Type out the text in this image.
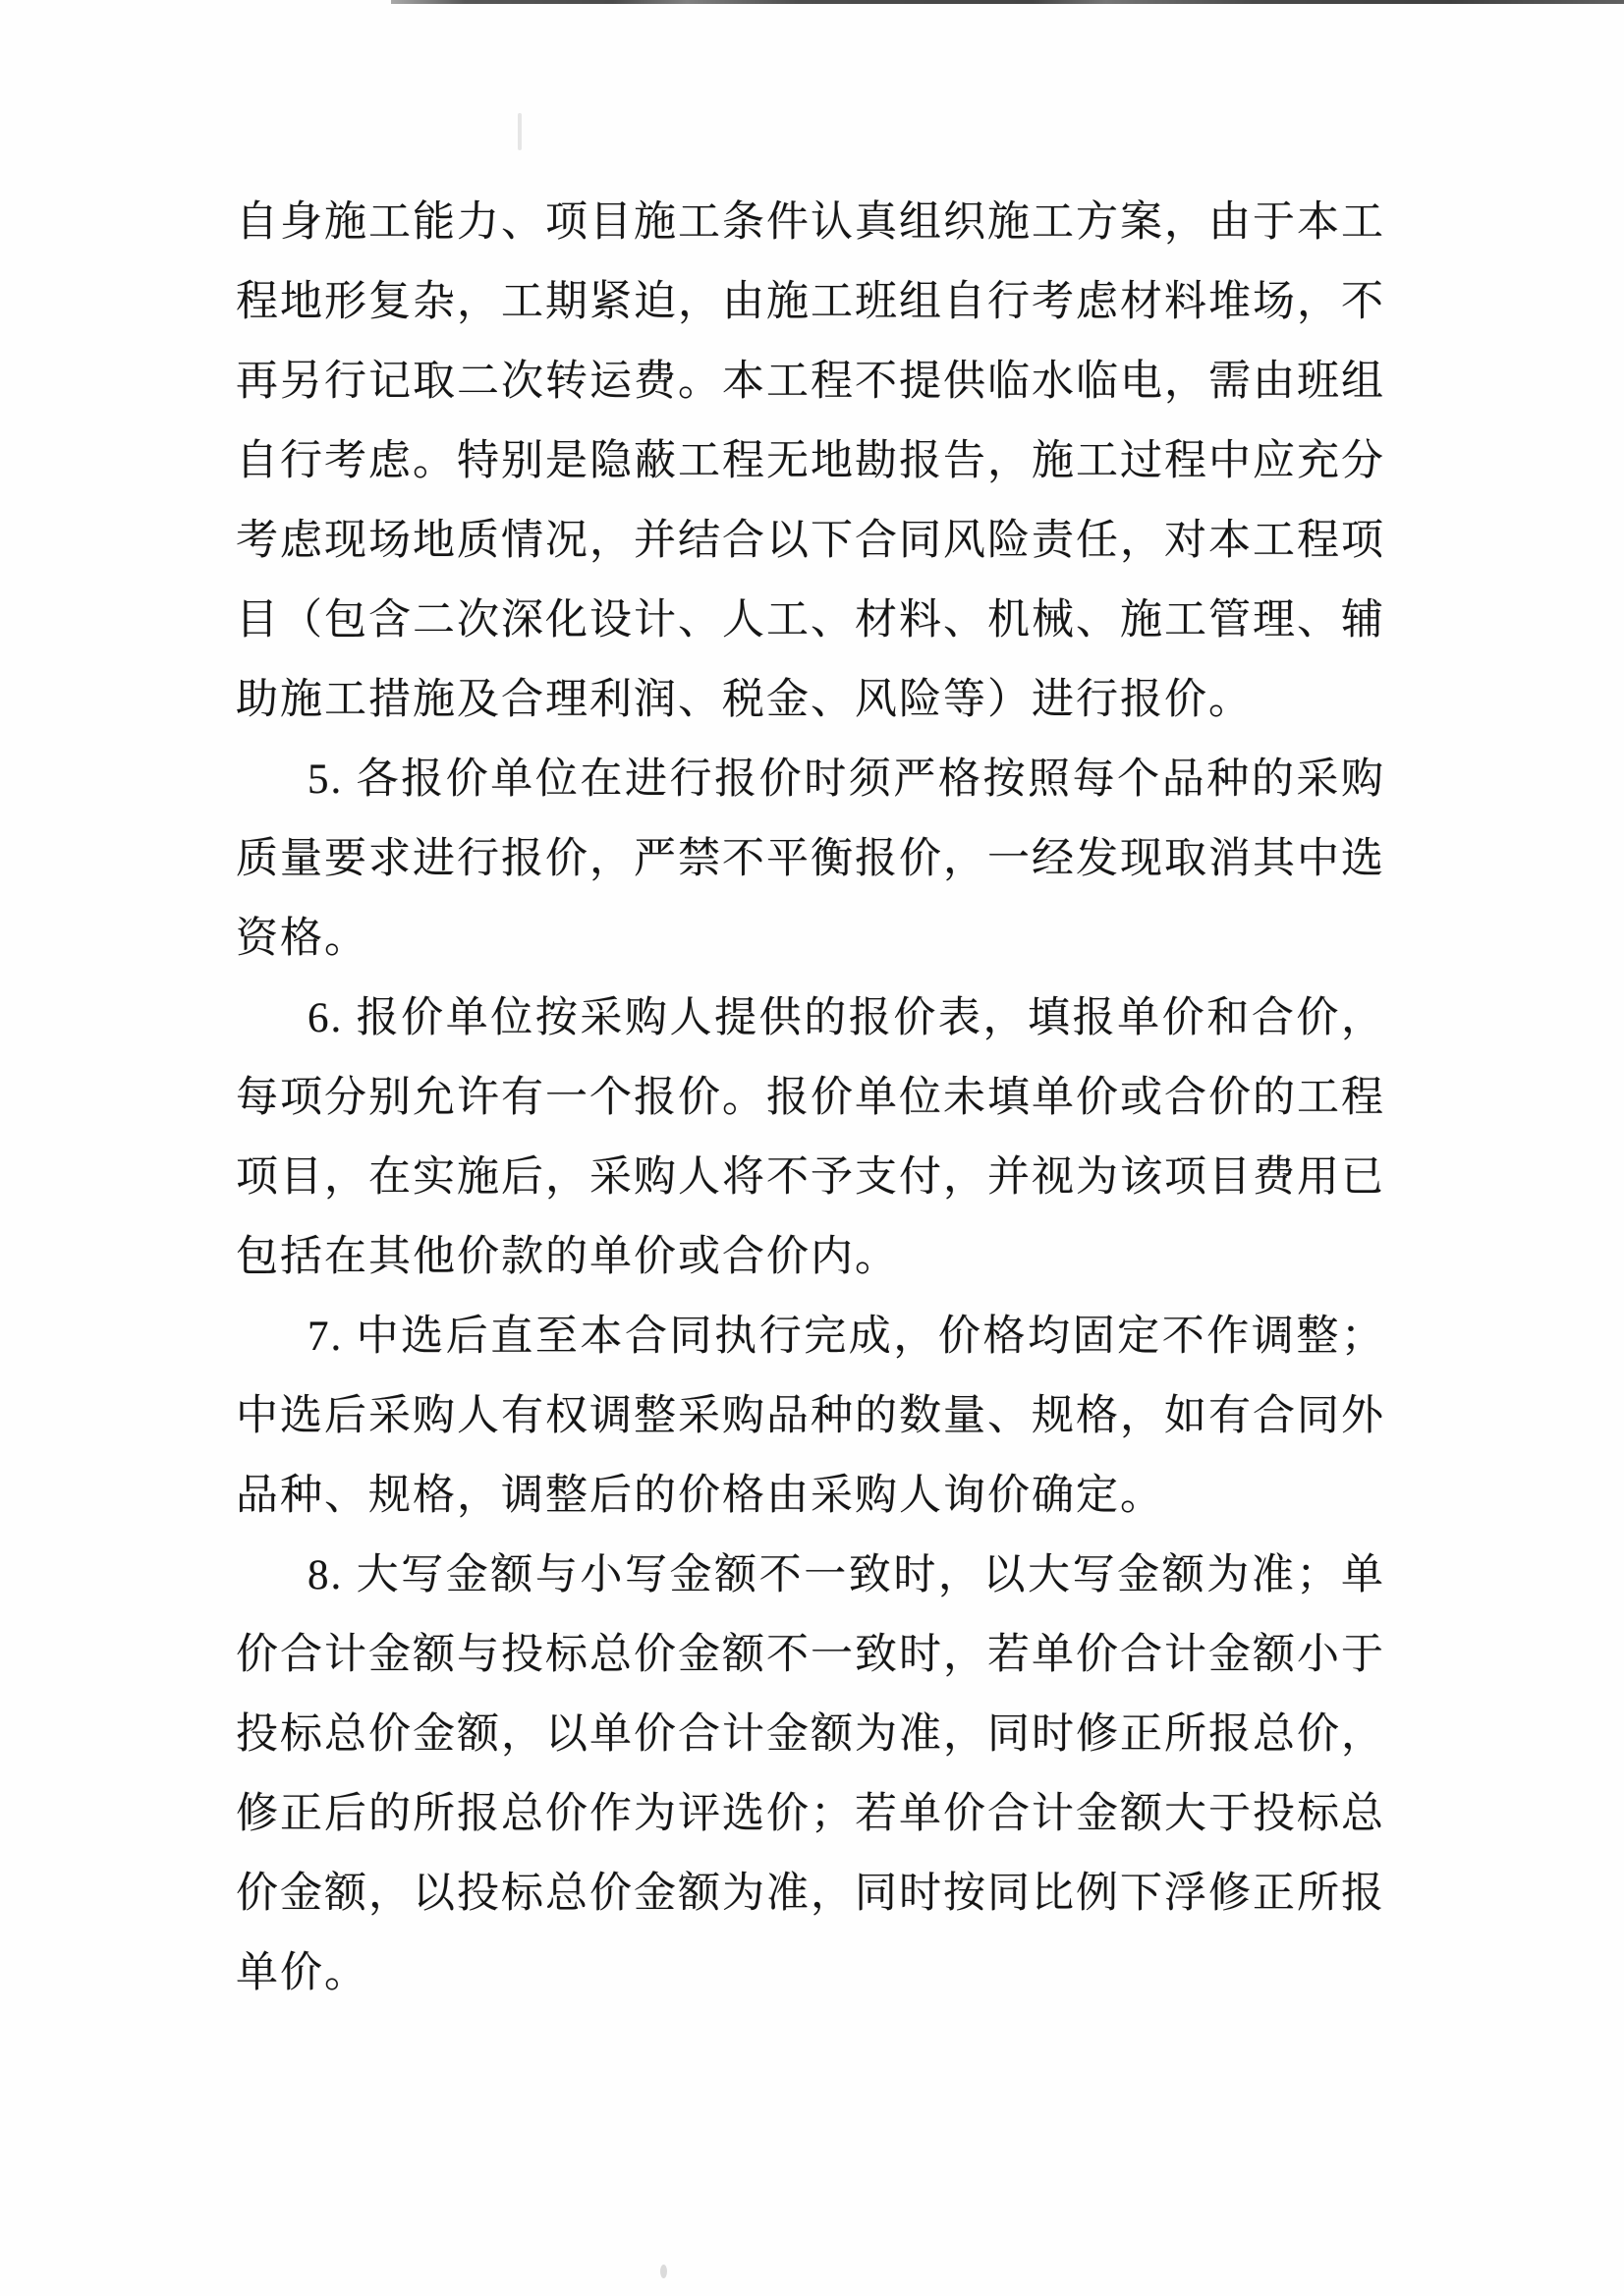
自身施工能力、项目施工条件认真组织施工方案，由于本工
程地形复杂，工期紧迫，由施工班组自行考虑材料堆场，不
再另行记取二次转运费。本工程不提供临水临电，需由班组
自行考虑。特别是隐蔽工程无地勘报告，施工过程中应充分
考虑现场地质情况，并结合以下合同风险责任，对本工程项
目（包含二次深化设计、人工、材料、机械、施工管理、辅
助施工措施及合理利润、税金、风险等）进行报价。
5. 各报价单位在进行报价时须严格按照每个品种的采购
质量要求进行报价，严禁不平衡报价，一经发现取消其中选
资格。
6. 报价单位按采购人提供的报价表，填报单价和合价，
每项分别允许有一个报价。报价单位未填单价或合价的工程
项目，在实施后，采购人将不予支付，并视为该项目费用已
包括在其他价款的单价或合价内。
7. 中选后直至本合同执行完成，价格均固定不作调整；
中选后采购人有权调整采购品种的数量、规格，如有合同外
品种、规格，调整后的价格由采购人询价确定。
8. 大写金额与小写金额不一致时，以大写金额为准；单
价合计金额与投标总价金额不一致时，若单价合计金额小于
投标总价金额，以单价合计金额为准，同时修正所报总价，
修正后的所报总价作为评选价；若单价合计金额大于投标总
价金额，以投标总价金额为准，同时按同比例下浮修正所报
单价。
